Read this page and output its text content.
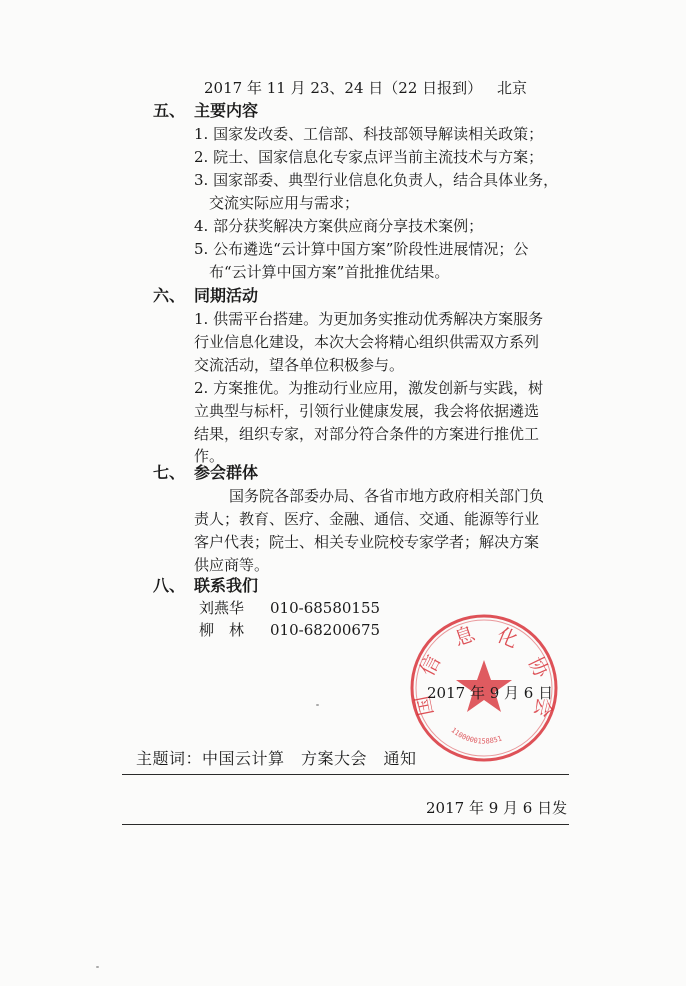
2017 年 11 月 23、24 日（22 日报到） 北京
五、 主要内容
1. 国家发改委、工信部、科技部领导解读相关政策；
2. 院士、国家信息化专家点评当前主流技术与方案；
3. 国家部委、典型行业信息化负责人，结合具体业务，
交流实际应用与需求；
4. 部分获奖解决方案供应商分享技术案例；
5. 公布遴选“云计算中国方案”阶段性进展情况；公
布“云计算中国方案”首批推优结果。
六、 同期活动
1. 供需平台搭建。为更加务实推动优秀解决方案服务
行业信息化建设，本次大会将精心组织供需双方系列
交流活动，望各单位积极参与。
2. 方案推优。为推动行业应用，激发创新与实践，树
立典型与标杆，引领行业健康发展，我会将依据遴选
结果，组织专家，对部分符合条件的方案进行推优工
作。
七、 参会群体
国务院各部委办局、各省市地方政府相关部门负
责人；教育、医疗、金融、通信、交通、能源等行业
客户代表；院士、相关专业院校专家学者；解决方案
供应商等。
八、 联系我们
刘燕华 010-68580155
柳　林 010-68200675
国
信
息 化
协
会
1100000158851
2017 年 9 月 6 日
主题词：中国云计算　方案大会　通知
2017 年 9 月 6 日发
